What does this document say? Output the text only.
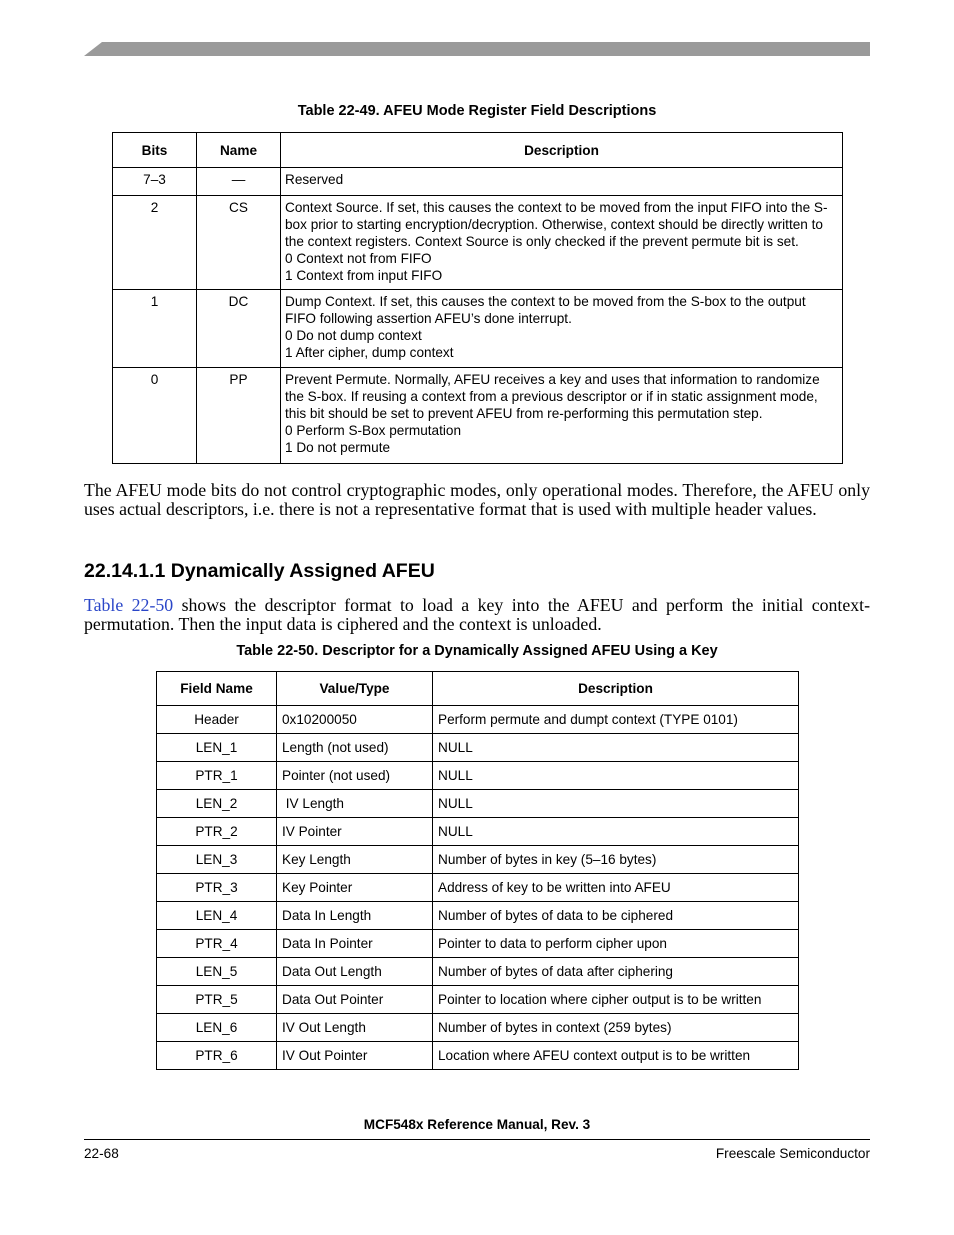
Table 22-49. AFEU Mode Register Field Descriptions
Bits	Name	Description
7–3	—	Reserved

2	CS	Context Source. If set, this causes the context to be moved from the input FIFO into the S-box prior to starting encryption/decryption. Otherwise, context should be directly written to the context registers. Context Source is only checked if the prevent permute bit is set.
0 Context not from FIFO
1 Context from input FIFO

1	DC	Dump Context. If set, this causes the context to be moved from the S-box to the output FIFO following assertion AFEU’s done interrupt.
0 Do not dump context
1 After cipher, dump context

0	PP	Prevent Permute. Normally, AFEU receives a key and uses that information to randomize the S-box. If reusing a context from a previous descriptor or if in static assignment mode, this bit should be set to prevent AFEU from re-performing this permutation step.
0 Perform S-Box permutation
1 Do not permute

The AFEU mode bits do not control cryptographic modes, only operational modes. Therefore, the AFEU only uses actual descriptors, i.e. there is not a representative format that is used with multiple header values.

22.14.1.1 Dynamically Assigned AFEU

Table 22-50 shows the descriptor format to load a key into the AFEU and perform the initial context-permutation. Then the input data is ciphered and the context is unloaded.

Table 22-50. Descriptor for a Dynamically Assigned AFEU Using a Key
Field Name	Value/Type	Description
Header	0x10200050	Perform permute and dumpt context (TYPE 0101)
LEN_1	Length (not used)	NULL
PTR_1	Pointer (not used)	NULL
LEN_2	IV Length	NULL
PTR_2	IV Pointer	NULL
LEN_3	Key Length	Number of bytes in key (5–16 bytes)
PTR_3	Key Pointer	Address of key to be written into AFEU
LEN_4	Data In Length	Number of bytes of data to be ciphered
PTR_4	Data In Pointer	Pointer to data to perform cipher upon
LEN_5	Data Out Length	Number of bytes of data after ciphering
PTR_5	Data Out Pointer	Pointer to location where cipher output is to be written
LEN_6	IV Out Length	Number of bytes in context (259 bytes)
PTR_6	IV Out Pointer	Location where AFEU context output is to be written
MCF548x Reference Manual, Rev. 3
22-68	Freescale Semiconductor
